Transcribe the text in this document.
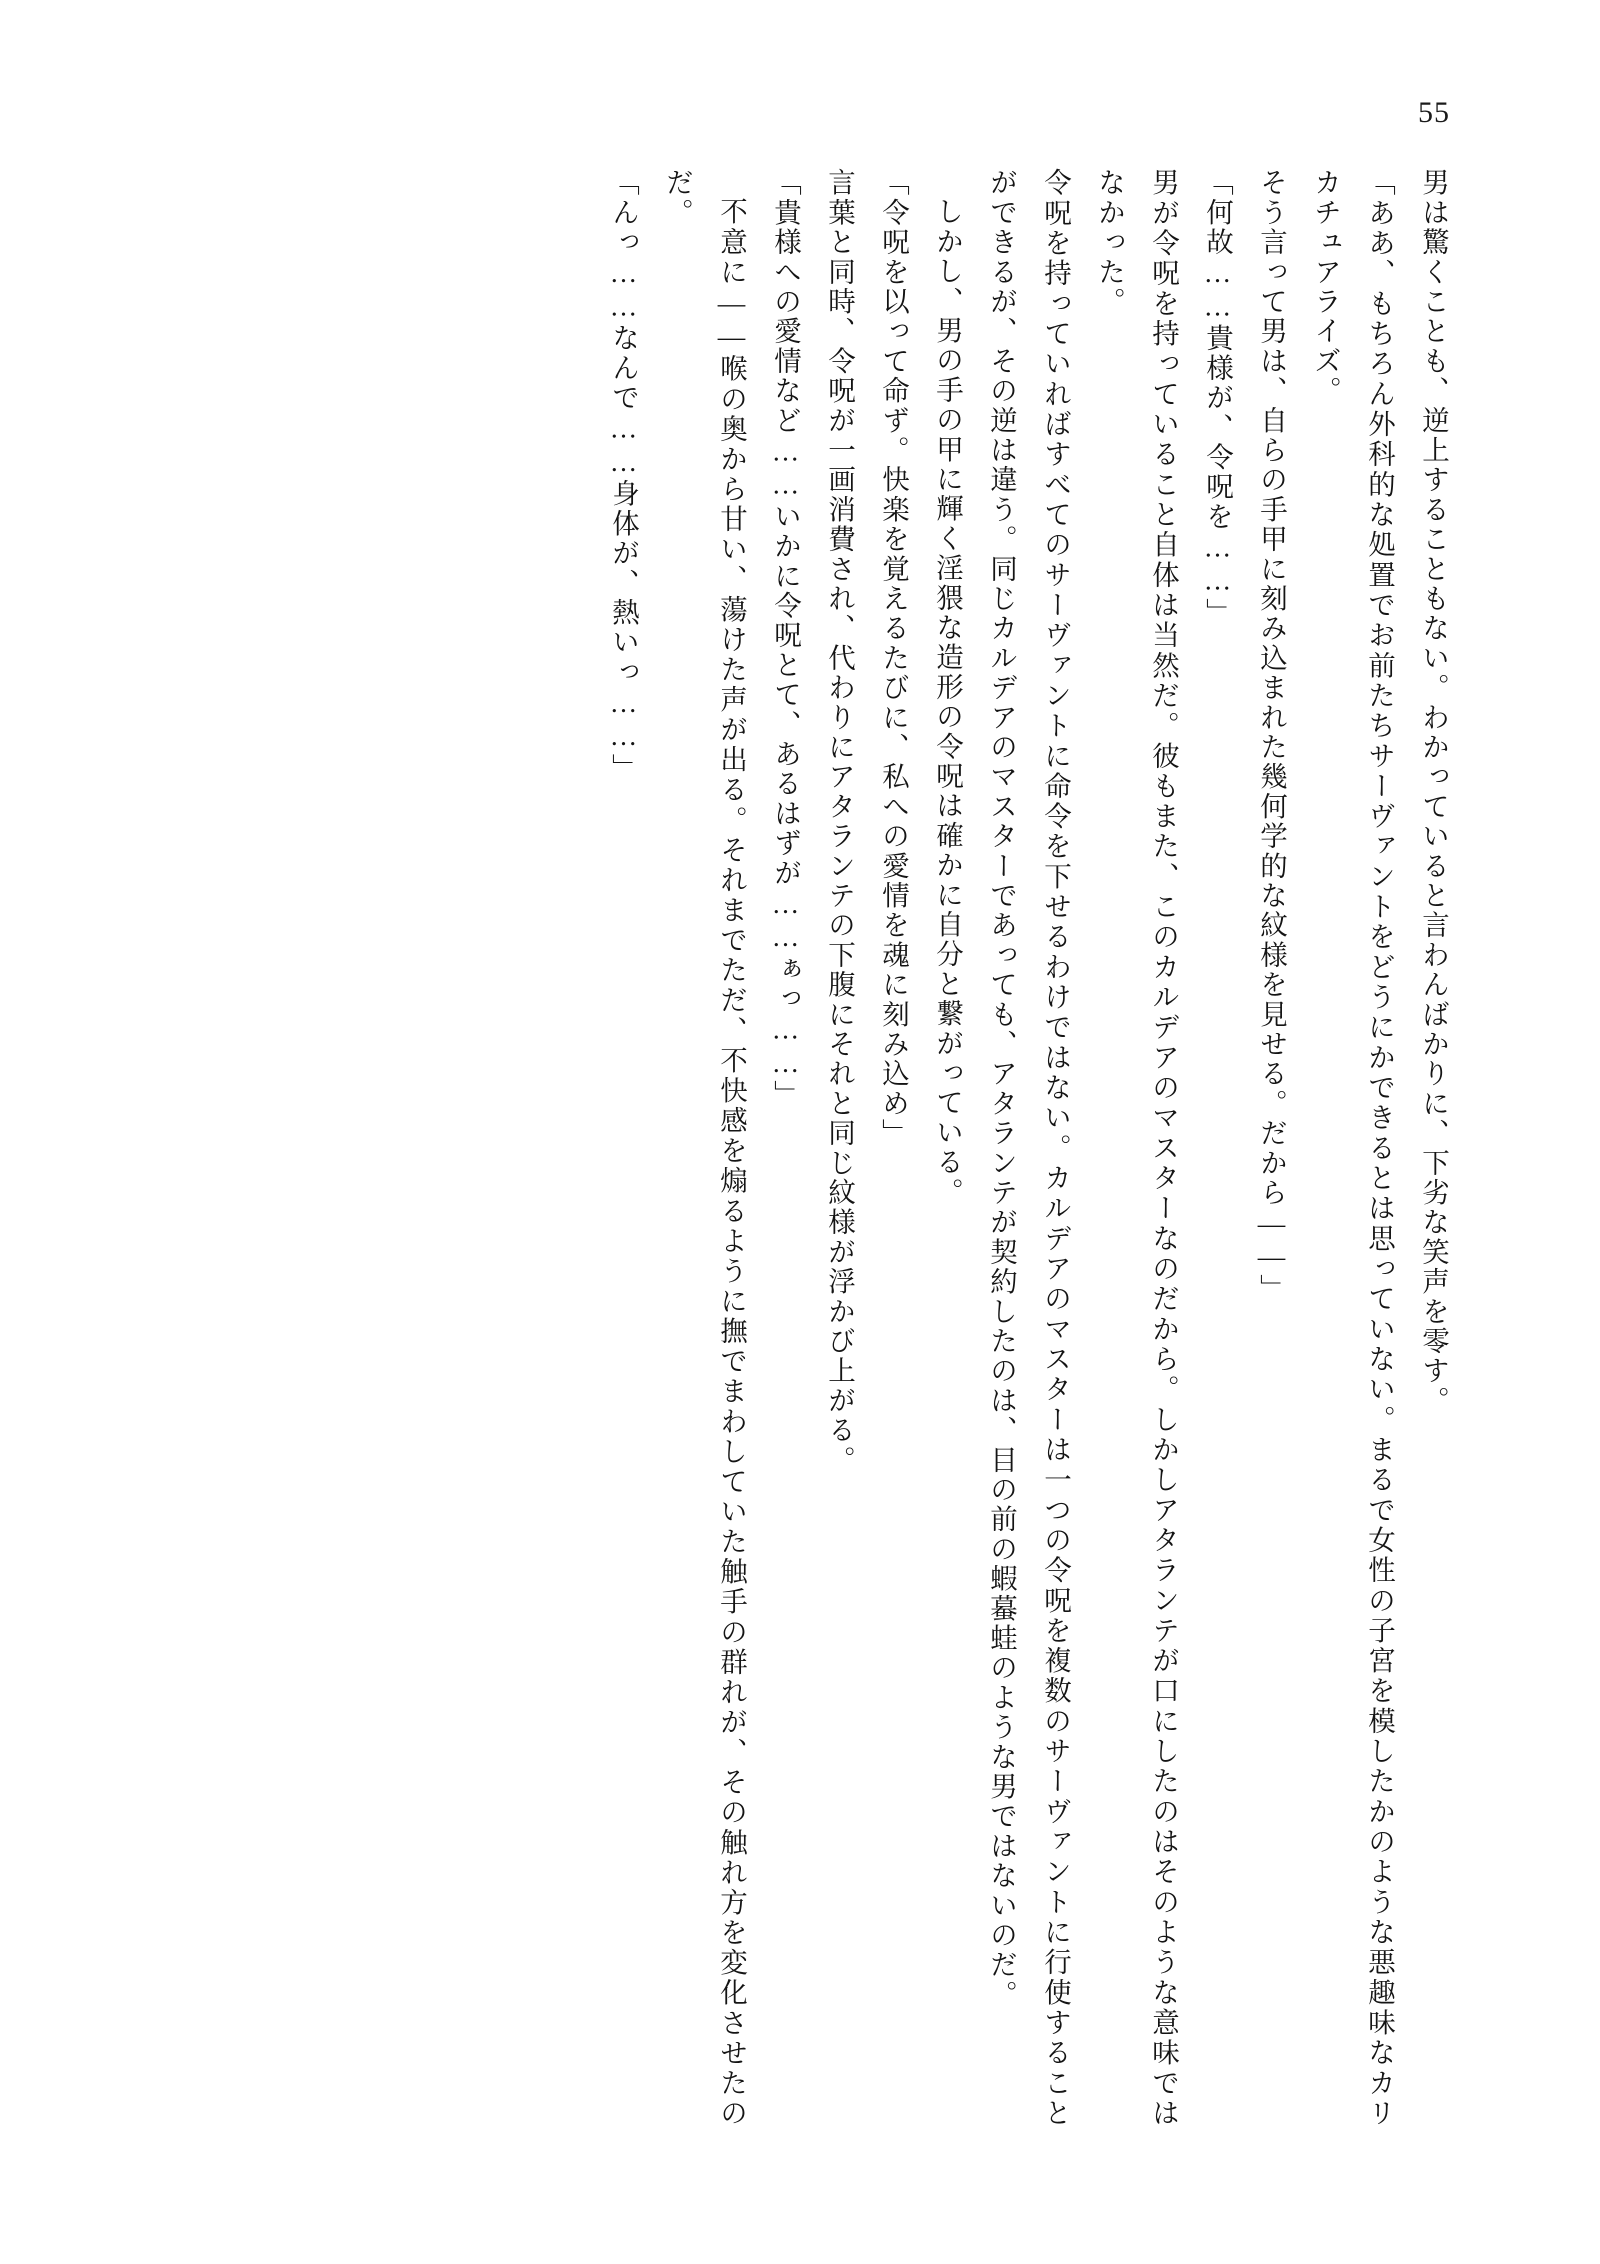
55

男は驚くことも、逆上することもない。わかっていると言わんばかりに、下劣な笑声を零す。

「ああ、もちろん外科的な処置でお前たちサーヴァントをどうにかできるとは思っていない。まるで女性の子宮を模したかのような悪趣味なカリカチュアライズ。

そう言って男は、自らの手甲に刻み込まれた幾何学的な紋様を見せる。だから――」

「何故……貴様が、令呪を……」

男が令呪を持っていること自体は当然だ。彼もまた、このカルデアのマスターなのだから。しかしアタランテが口にしたのはそのような意味ではなかった。

令呪を持っていればすべてのサーヴァントに命令を下せるわけではない。カルデアのマスターは一つの令呪を複数のサーヴァントに行使することができるが、その逆は違う。同じカルデアのマスターであっても、アタランテが契約したのは、目の前の蝦蟇蛙のような男ではないのだ。

しかし、男の手の甲に輝く淫猥な造形の令呪は確かに自分と繋がっている。

「令呪を以って命ず。快楽を覚えるたびに、私への愛情を魂に刻み込め」

言葉と同時、令呪が一画消費され、代わりにアタランテの下腹にそれと同じ紋様が浮かび上がる。

「貴様への愛情など……いかに令呪とて、あるはずが……ぁっ……」

不意に――喉の奥から甘い、蕩けた声が出る。それまでただ、不快感を煽るように撫でまわしていた触手の群れが、その触れ方を変化させたのだ。

「んっ……なんで……身体が、熱いっ……」
